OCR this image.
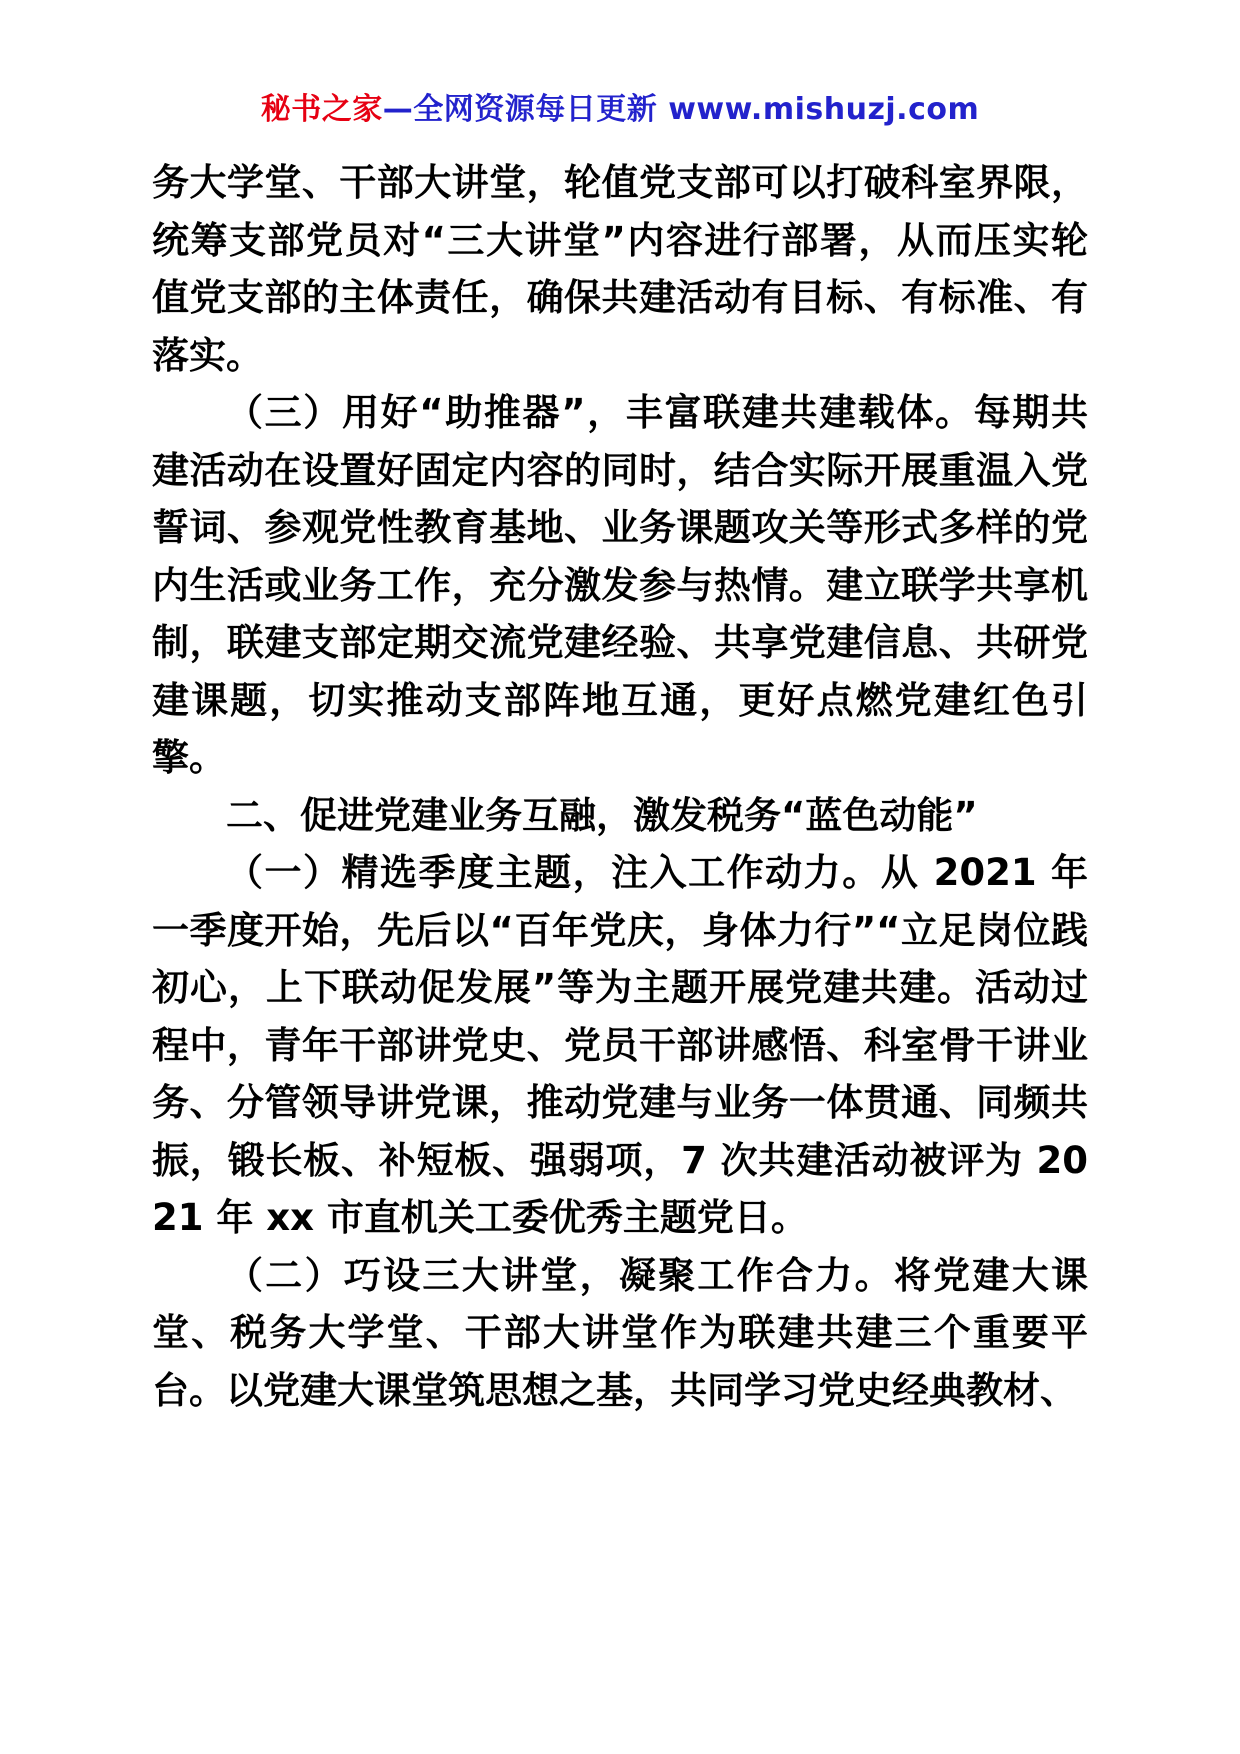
秘书之家—全网资源每日更新 www.mishuzj.com

务大学堂、干部大讲堂，轮值党支部可以打破科室界限，统筹支部党员对“三大讲堂”内容进行部署，从而压实轮值党支部的主体责任，确保共建活动有目标、有标准、有落实。

（三）用好“助推器”，丰富联建共建载体。每期共建活动在设置好固定内容的同时，结合实际开展重温入党誓词、参观党性教育基地、业务课题攻关等形式多样的党内生活或业务工作，充分激发参与热情。建立联学共享机制，联建支部定期交流党建经验、共享党建信息、共研党建课题，切实推动支部阵地互通，更好点燃党建红色引擎。

二、促进党建业务互融，激发税务“蓝色动能”

（一）精选季度主题，注入工作动力。从 2021 年一季度开始，先后以“百年党庆，身体力行”“立足岗位践初心，上下联动促发展”等为主题开展党建共建。活动过程中，青年干部讲党史、党员干部讲感悟、科室骨干讲业务、分管领导讲党课，推动党建与业务一体贯通、同频共振，锻长板、补短板、强弱项，7 次共建活动被评为 2021 年 xx 市直机关工委优秀主题党日。

（二）巧设三大讲堂，凝聚工作合力。将党建大课堂、税务大学堂、干部大讲堂作为联建共建三个重要平台。以党建大课堂筑思想之基，共同学习党史经典教材、
